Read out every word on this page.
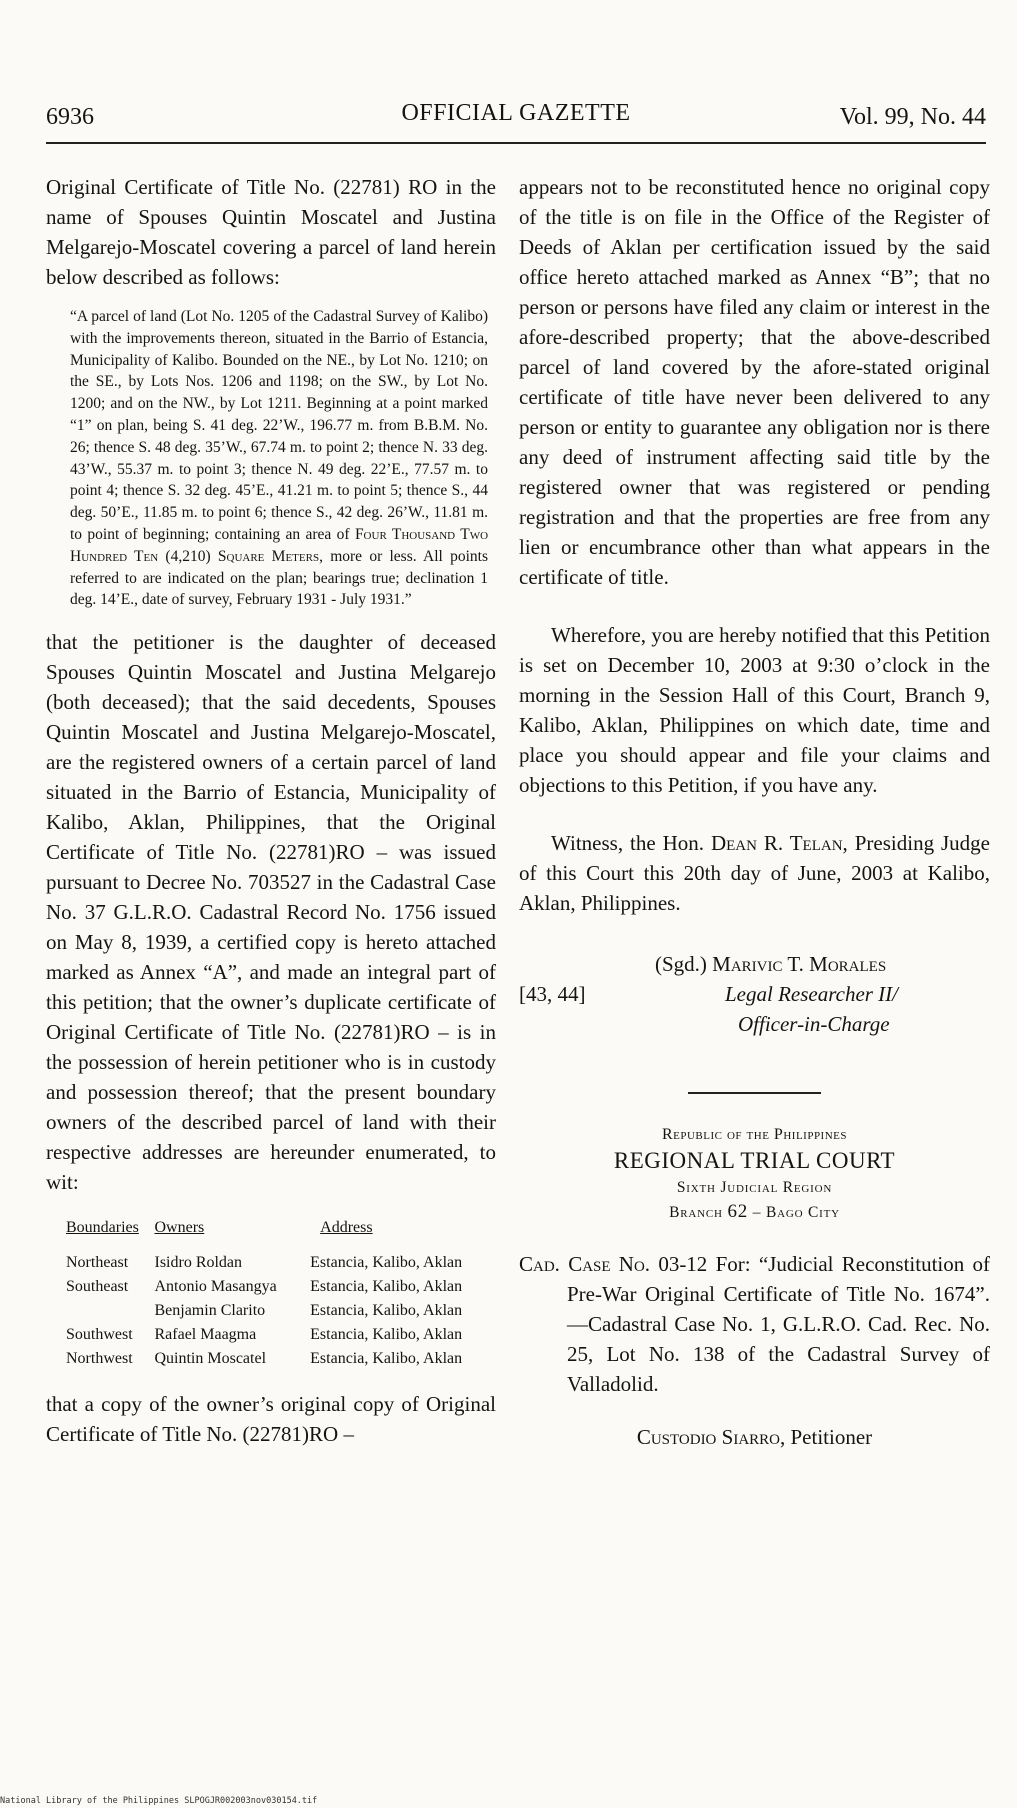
6936	OFFICIAL GAZETTE	Vol. 99, No. 44

Original Certificate of Title No. (22781) RO in the name of Spouses Quintin Moscatel and Justina Melgarejo-Moscatel covering a parcel of land herein below described as follows:

“A parcel of land (Lot No. 1205 of the Cadastral Survey of Kalibo) with the improvements thereon, situated in the Barrio of Estancia, Municipality of Kalibo. Bounded on the NE., by Lot No. 1210; on the SE., by Lots Nos. 1206 and 1198; on the SW., by Lot No. 1200; and on the NW., by Lot 1211. Beginning at a point marked “1” on plan, being S. 41 deg. 22’W., 196.77 m. from B.B.M. No. 26; thence S. 48 deg. 35’W., 67.74 m. to point 2; thence N. 33 deg. 43’W., 55.37 m. to point 3; thence N. 49 deg. 22’E., 77.57 m. to point 4; thence S. 32 deg. 45’E., 41.21 m. to point 5; thence S., 44 deg. 50’E., 11.85 m. to point 6; thence S., 42 deg. 26’W., 11.81 m. to point of beginning; containing an area of Four Thousand Two Hundred Ten (4,210) Square Meters, more or less. All points referred to are indicated on the plan; bearings true; declination 1 deg. 14’E., date of survey, February 1931 - July 1931.”

that the petitioner is the daughter of deceased Spouses Quintin Moscatel and Justina Melgarejo (both deceased); that the said decedents, Spouses Quintin Moscatel and Justina Melgarejo-Moscatel, are the registered owners of a certain parcel of land situated in the Barrio of Estancia, Municipality of Kalibo, Aklan, Philippines, that the Original Certificate of Title No. (22781)RO – was issued pursuant to Decree No. 703527 in the Cadastral Case No. 37 G.L.R.O. Cadastral Record No. 1756 issued on May 8, 1939, a certified copy is hereto attached marked as Annex “A”, and made an integral part of this petition; that the owner’s duplicate certificate of Original Certificate of Title No. (22781)RO – is in the possession of herein petitioner who is in custody and possession thereof; that the present boundary owners of the described parcel of land with their respective addresses are hereunder enumerated, to wit:

Boundaries	Owners	Address
Northeast	Isidro Roldan	Estancia, Kalibo, Aklan
Southeast	Antonio Masangya	Estancia, Kalibo, Aklan
	Benjamin Clarito	Estancia, Kalibo, Aklan
Southwest	Rafael Maagma	Estancia, Kalibo, Aklan
Northwest	Quintin Moscatel	Estancia, Kalibo, Aklan

that a copy of the owner’s original copy of Original Certificate of Title No. (22781)RO –

appears not to be reconstituted hence no original copy of the title is on file in the Office of the Register of Deeds of Aklan per certification issued by the said office hereto attached marked as Annex “B”; that no person or persons have filed any claim or interest in the afore-described property; that the above-described parcel of land covered by the afore-stated original certificate of title have never been delivered to any person or entity to guarantee any obligation nor is there any deed of instrument affecting said title by the registered owner that was registered or pending registration and that the properties are free from any lien or encumbrance other than what appears in the certificate of title.

Wherefore, you are hereby notified that this Petition is set on December 10, 2003 at 9:30 o’clock in the morning in the Session Hall of this Court, Branch 9, Kalibo, Aklan, Philippines on which date, time and place you should appear and file your claims and objections to this Petition, if you have any.

Witness, the Hon. Dean R. Telan, Presiding Judge of this Court this 20th day of June, 2003 at Kalibo, Aklan, Philippines.

(Sgd.) Marivic T. Morales
[43, 44]	Legal Researcher II/
Officer-in-Charge
Republic of the Philippines
REGIONAL TRIAL COURT
Sixth Judicial Region
Branch 62 – Bago City
Cad. Case No. 03-12 For: “Judicial Reconstitution of Pre-War Original Certificate of Title No. 1674”.—Cadastral Case No. 1, G.L.R.O. Cad. Rec. No. 25, Lot No. 138 of the Cadastral Survey of Valladolid.
Custodio Siarro, Petitioner
National Library of the Philippines SLPOGJR002003nov030154.tif
